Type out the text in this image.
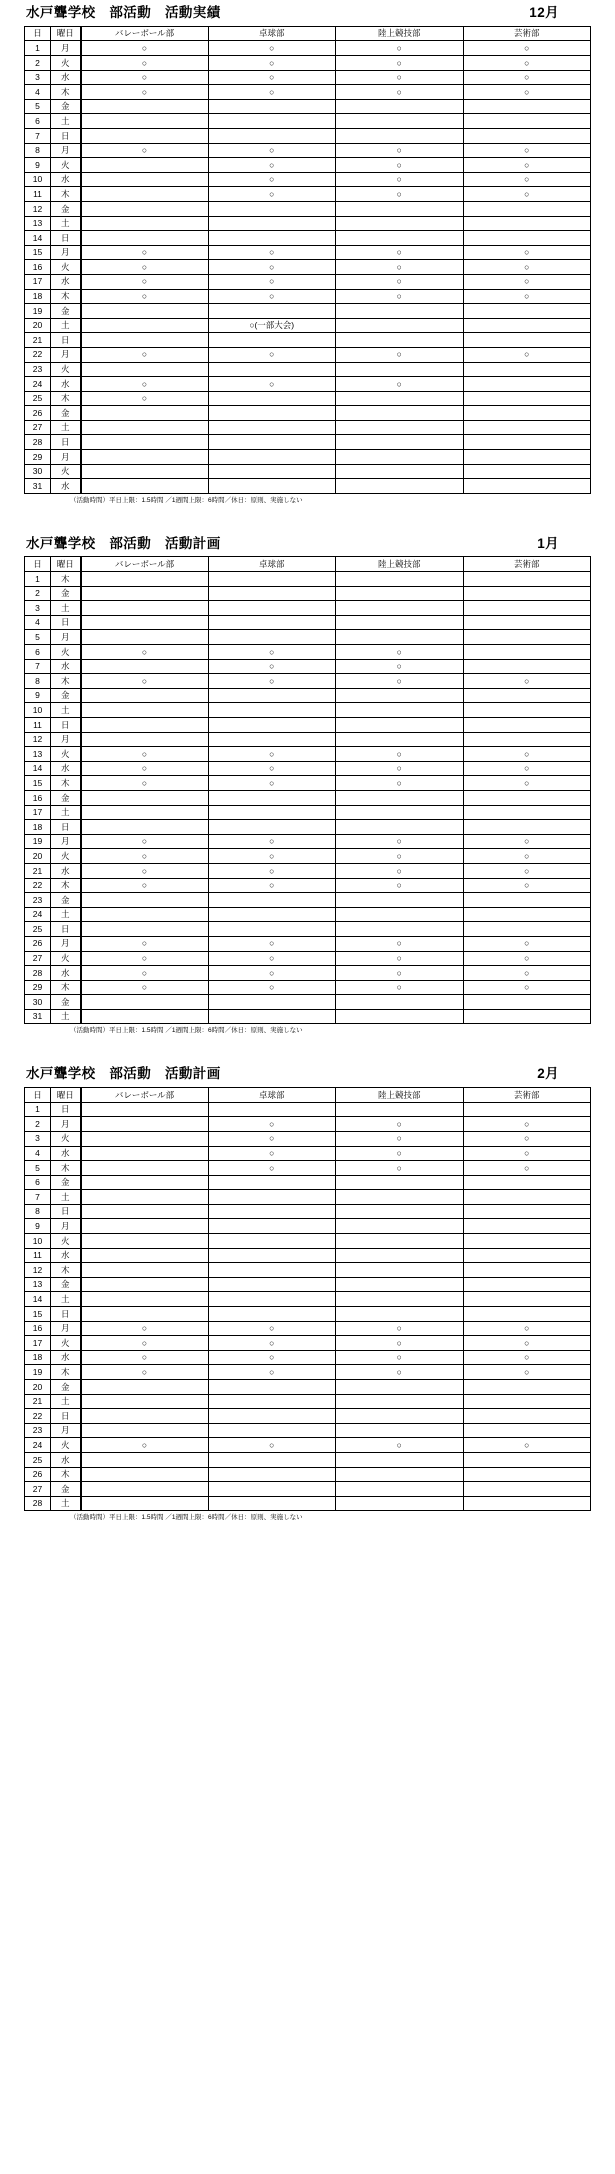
水戸聾学校　部活動　活動実績	12月
日	曜日	バレーボール部	卓球部	陸上競技部	芸術部
1	月	○	○	○	○
2	火	○	○	○	○
3	水	○	○	○	○
4	木	○	○	○	○
5	金				
6	土				
7	日				
8	月	○	○	○	○
9	火		○	○	○
10	水		○	○	○
11	木		○	○	○
12	金				
13	土				
14	日				
15	月	○	○	○	○
16	火	○	○	○	○
17	水	○	○	○	○
18	木	○	○	○	○
19	金				
20	土		○(一部大会)		
21	日				
22	月	○	○	○	○
23	火				
24	水	○	○	○	
25	木	○			
26	金				
27	土				
28	日				
29	月				
30	火				
31	水				
（活動時間）平日上限：1.5時間 ／1週間上限：6時間／休日：原則、実施しない
水戸聾学校　部活動　活動計画	1月
日	曜日	バレーボール部	卓球部	陸上競技部	芸術部
1	木				
2	金				
3	土				
4	日				
5	月				
6	火	○	○	○	
7	水		○	○	
8	木	○	○	○	○
9	金				
10	土				
11	日				
12	月				
13	火	○	○	○	○
14	水	○	○	○	○
15	木	○	○	○	○
16	金				
17	土				
18	日				
19	月	○	○	○	○
20	火	○	○	○	○
21	水	○	○	○	○
22	木	○	○	○	○
23	金				
24	土				
25	日				
26	月	○	○	○	○
27	火	○	○	○	○
28	水	○	○	○	○
29	木	○	○	○	○
30	金				
31	土				
（活動時間）平日上限：1.5時間 ／1週間上限：6時間／休日：原則、実施しない
水戸聾学校　部活動　活動計画	2月
日	曜日	バレーボール部	卓球部	陸上競技部	芸術部
1	日				
2	月		○	○	○
3	火		○	○	○
4	水		○	○	○
5	木		○	○	○
6	金				
7	土				
8	日				
9	月				
10	火				
11	水				
12	木				
13	金				
14	土				
15	日				
16	月	○	○	○	○
17	火	○	○	○	○
18	水	○	○	○	○
19	木	○	○	○	○
20	金				
21	土				
22	日				
23	月				
24	火	○	○	○	○
25	水				
26	木				
27	金				
28	土				
（活動時間）平日上限：1.5時間 ／1週間上限：6時間／休日：原則、実施しない
